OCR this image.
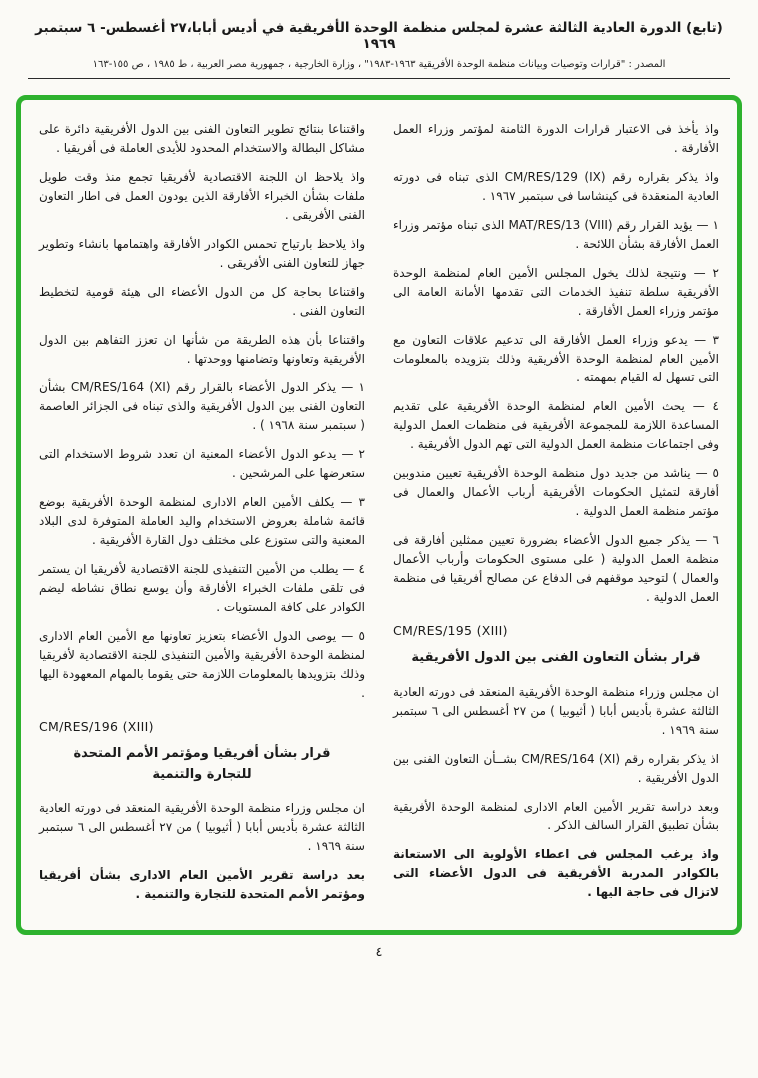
(تابع) الدورة العادية الثالثة عشرة لمجلس منظمة الوحدة الأفريقية في أديس أبابا،٢٧ أغسطس- ٦ سبتمبر ١٩٦٩
المصدر : "قرارات وتوصيات وبيانات منظمة الوحدة الأفريقية ١٩٦٣-١٩٨٣" ، وزارة الخارجية ، جمهورية مصر العربية ، ط ١٩٨٥ ، ص ١٥٥-١٦٣

واذ يأخذ فى الاعتبار قرارات الدورة الثامنة لمؤتمر وزراء العمل الأفارقة .

واذ يذكر بقراره رقم CM/RES/129 (IX) الذى تبناه فى دورته العادية المنعقدة فى كينشاسا فى سبتمبر ١٩٦٧ .

١ — يؤيد القرار رقم MAT/RES/13 (VIII) الذى تبناه مؤتمر وزراء العمل الأفارقة بشأن اللائحة .

٢ — ونتيجة لذلك يخول المجلس الأمين العام لمنظمة الوحدة الأفريقية سلطة تنفيذ الخدمات التى تقدمها الأمانة العامة الى مؤتمر وزراء العمل الأفارقة .

٣ — يدعو وزراء العمل الأفارقة الى تدعيم علاقات التعاون مع الأمين العام لمنظمة الوحدة الأفريقية وذلك بتزويده بالمعلومات التى تسهل له القيام بمهمته .

٤ — يحث الأمين العام لمنظمة الوحدة الأفريقية على تقديم المساعدة اللازمة للمجموعة الأفريقية فى منظمات العمل الدولية وفى اجتماعات منظمة العمل الدولية التى تهم الدول الأفريقية .

٥ — يناشد من جديد دول منظمة الوحدة الأفريقية تعيين مندوبين أفارقة لتمثيل الحكومات الأفريقية أرباب الأعمال والعمال فى مؤتمر منظمة العمل الدولية .

٦ — يذكر جميع الدول الأعضاء بضرورة تعيين ممثلين أفارقة فى منظمة العمل الدولية ( على مستوى الحكومات وأرباب الأعمال والعمال ) لتوحيد موقفهم فى الدفاع عن مصالح أفريقيا فى منظمة العمل الدولية .

CM/RES/195 (XIII)

قرار بشأن التعاون الفنى بين الدول الأفريقية

ان مجلس وزراء منظمة الوحدة الأفريقية المنعقد فى دورته العادية الثالثة عشرة بأديس أبابا ( أثيوبيا ) من ٢٧ أغسطس الى ٦ سبتمبر سنة ١٩٦٩ .

اذ يذكر بقراره رقم CM/RES/164 (XI) بشــأن التعاون الفنى بين الدول الأفريقية .

وبعد دراسة تقرير الأمين العام الادارى لمنظمة الوحدة الأفريقية بشأن تطبيق القرار السالف الذكر .

واذ يرغب المجلس فى اعطاء الأولوية الى الاستعانة بالكوادر المدربة الأفريقية فى الدول الأعضاء التى لاتزال فى حاجة اليها .

واقتناعا بنتائج تطوير التعاون الفنى بين الدول الأفريقية دائرة على مشاكل البطالة والاستخدام المحدود للأيدى العاملة فى أفريقيا .

واذ يلاحظ ان اللجنة الاقتصادية لأفريقيا تجمع منذ وقت طويل ملفات بشأن الخبراء الأفارقة الذين يودون العمل فى اطار التعاون الفنى الأفريقى .

واذ يلاحظ بارتياح تحمس الكوادر الأفارقة واهتمامها بانشاء وتطوير جهاز للتعاون الفنى الأفريقى .

واقتناعا بحاجة كل من الدول الأعضاء الى هيئة قومية لتخطيط التعاون الفنى .

واقتناعا بأن هذه الطريقة من شأنها ان تعزز التفاهم بين الدول الأفريقية وتعاونها وتضامنها ووحدتها .

١ — يذكر الدول الأعضاء بالقرار رقم CM/RES/164 (XI) بشأن التعاون الفنى بين الدول الأفريقية والذى تبناه فى الجزائر العاصمة ( سبتمبر سنة ١٩٦٨ ) .

٢ — يدعو الدول الأعضاء المعنية ان تعدد شروط الاستخدام التى ستعرضها على المرشحين .

٣ — يكلف الأمين العام الادارى لمنظمة الوحدة الأفريقية بوضع قائمة شاملة بعروض الاستخدام واليد العاملة المتوفرة لدى البلاد المعنية والتى ستوزع على مختلف دول القارة الأفريقية .

٤ — يطلب من الأمين التنفيذى للجنة الاقتصادية لأفريقيا ان يستمر فى تلقى ملفات الخبراء الأفارقة وأن يوسع نطاق نشاطه ليضم الكوادر على كافة المستويات .

٥ — يوصى الدول الأعضاء بتعزيز تعاونها مع الأمين العام الادارى لمنظمة الوحدة الأفريقية والأمين التنفيذى للجنة الاقتصادية لأفريقيا وذلك بتزويدها بالمعلومات اللازمة حتى يقوما بالمهام المعهودة اليها .

CM/RES/196 (XIII)

قرار بشأن أفريقيا ومؤتمر الأمم المتحدة للتجارة والتنمية

ان مجلس وزراء منظمة الوحدة الأفريقية المنعقد فى دورته العادية الثالثة عشرة بأديس أبابا ( أثيوبيا ) من ٢٧ أغسطس الى ٦ سبتمبر سنة ١٩٦٩ .

بعد دراسة تقرير الأمين العام الادارى بشأن أفريقيا ومؤتمر الأمم المتحدة للتجارة والتنمية .

٤
